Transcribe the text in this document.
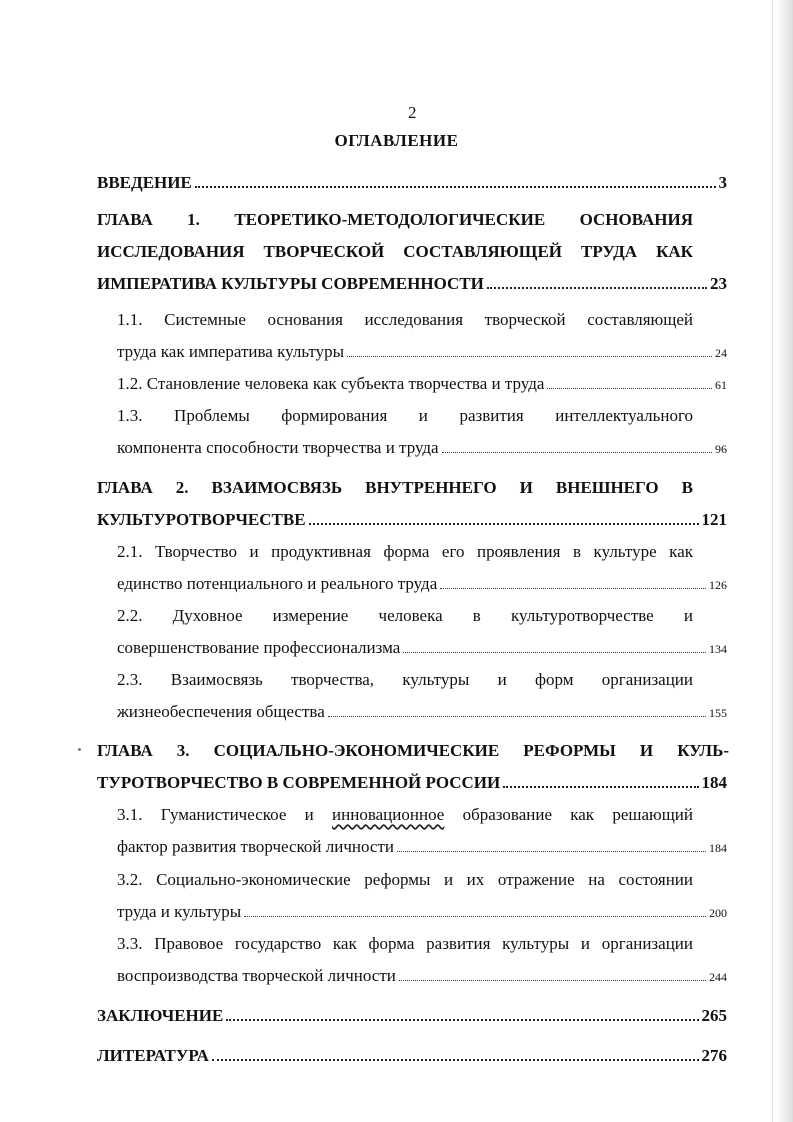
2
ОГЛАВЛЕНИЕ
ВВЕДЕНИЕ	3
ГЛАВА 1. ТЕОРЕТИКО-МЕТОДОЛОГИЧЕСКИЕ ОСНОВАНИЯ
ИССЛЕДОВАНИЯ ТВОРЧЕСКОЙ СОСТАВЛЯЮЩЕЙ ТРУДА КАК
ИМПЕРАТИВА КУЛЬТУРЫ СОВРЕМЕННОСТИ	23
1.1. Системные основания исследования творческой составляющей
труда как императива культуры	24
1.2. Становление человека как субъекта творчества и труда	61
1.3. Проблемы формирования и развития интеллектуального
компонента способности творчества и труда	96
ГЛАВА 2. ВЗАИМОСВЯЗЬ ВНУТРЕННЕГО И ВНЕШНЕГО В
КУЛЬТУРОТВОРЧЕСТВЕ	121
2.1. Творчество и продуктивная форма его проявления в культуре как
единство потенциального и реального труда	126
2.2. Духовное измерение человека в культуротворчестве и
совершенствование профессионализма	134
2.3. Взаимосвязь творчества, культуры и форм организации
жизнеобеспечения общества	155
ГЛАВА 3. СОЦИАЛЬНО-ЭКОНОМИЧЕСКИЕ РЕФОРМЫ И КУЛЬ-
ТУРОТВОРЧЕСТВО В СОВРЕМЕННОЙ РОССИИ	184
3.1. Гуманистическое и инновационное образование как решающий
фактор развития творческой личности	184
3.2. Социально-экономические реформы и их отражение на состоянии
труда и культуры	200
3.3. Правовое государство как форма развития культуры и организации
воспроизводства творческой личности	244
ЗАКЛЮЧЕНИЕ	265
ЛИТЕРАТУРА	276
